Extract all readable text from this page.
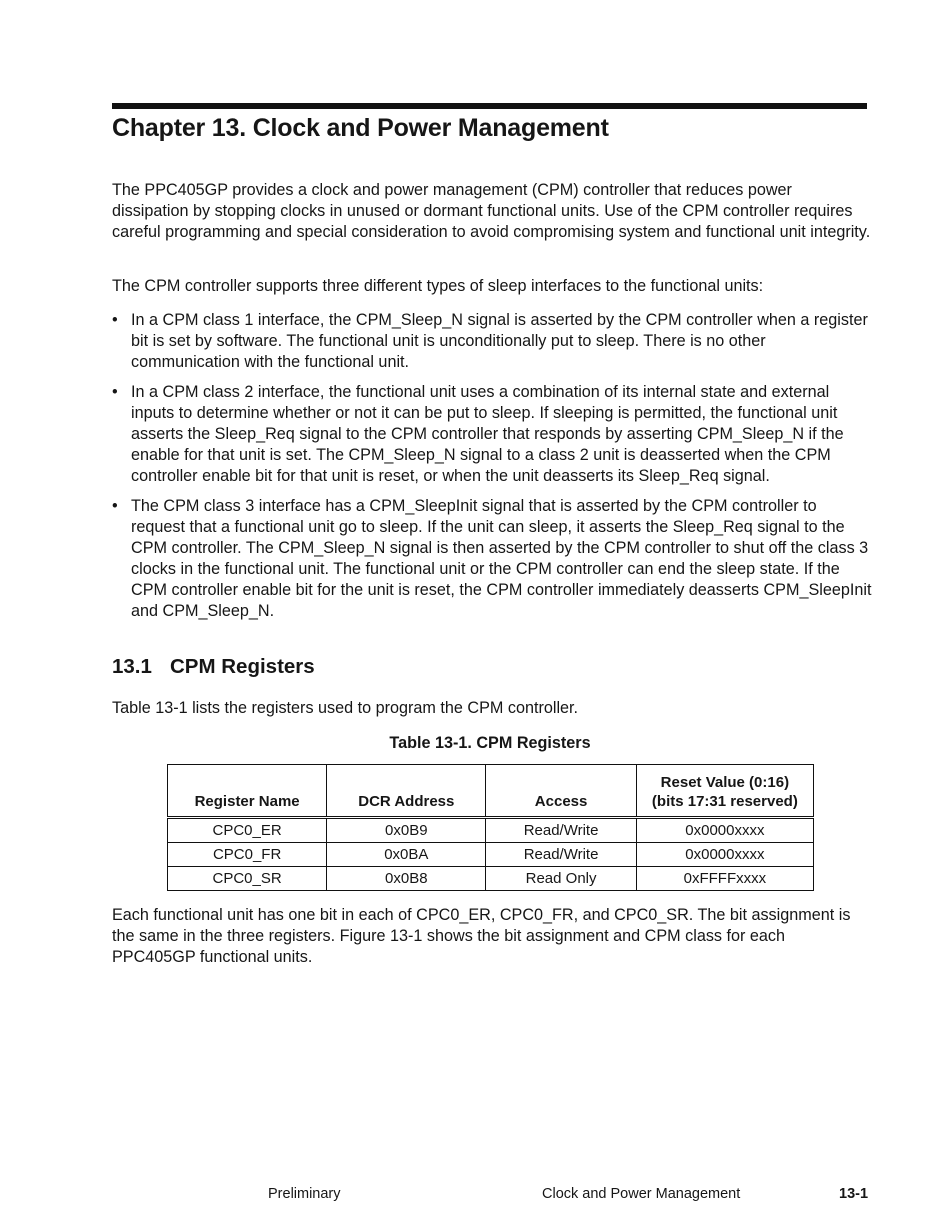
Chapter 13. Clock and Power Management

The PPC405GP provides a clock and power management (CPM) controller that reduces power dissipation by stopping clocks in unused or dormant functional units. Use of the CPM controller requires careful programming and special consideration to avoid compromising system and functional unit integrity.

The CPM controller supports three different types of sleep interfaces to the functional units:

• In a CPM class 1 interface, the CPM_Sleep_N signal is asserted by the CPM controller when a register bit is set by software. The functional unit is unconditionally put to sleep. There is no other communication with the functional unit.
• In a CPM class 2 interface, the functional unit uses a combination of its internal state and external inputs to determine whether or not it can be put to sleep. If sleeping is permitted, the functional unit asserts the Sleep_Req signal to the CPM controller that responds by asserting CPM_Sleep_N if the enable for that unit is set. The CPM_Sleep_N signal to a class 2 unit is deasserted when the CPM controller enable bit for that unit is reset, or when the unit deasserts its Sleep_Req signal.
• The CPM class 3 interface has a CPM_SleepInit signal that is asserted by the CPM controller to request that a functional unit go to sleep. If the unit can sleep, it asserts the Sleep_Req signal to the CPM controller. The CPM_Sleep_N signal is then asserted by the CPM controller to shut off the class 3 clocks in the functional unit. The functional unit or the CPM controller can end the sleep state. If the CPM controller enable bit for the unit is reset, the CPM controller immediately deasserts CPM_SleepInit and CPM_Sleep_N.
13.1 CPM Registers

Table 13-1 lists the registers used to program the CPM controller.

Table 13-1. CPM Registers

Register Name	DCR Address	Access	Reset Value (0:16)
(bits 17:31 reserved)
CPC0_ER	0x0B9	Read/Write	0x0000xxxx
CPC0_FR	0x0BA	Read/Write	0x0000xxxx
CPC0_SR	0x0B8	Read Only	0xFFFFxxxx

Each functional unit has one bit in each of CPC0_ER, CPC0_FR, and CPC0_SR. The bit assignment is the same in the three registers. Figure 13-1 shows the bit assignment and CPM class for each PPC405GP functional units.

Preliminary	Clock and Power Management	13-1
